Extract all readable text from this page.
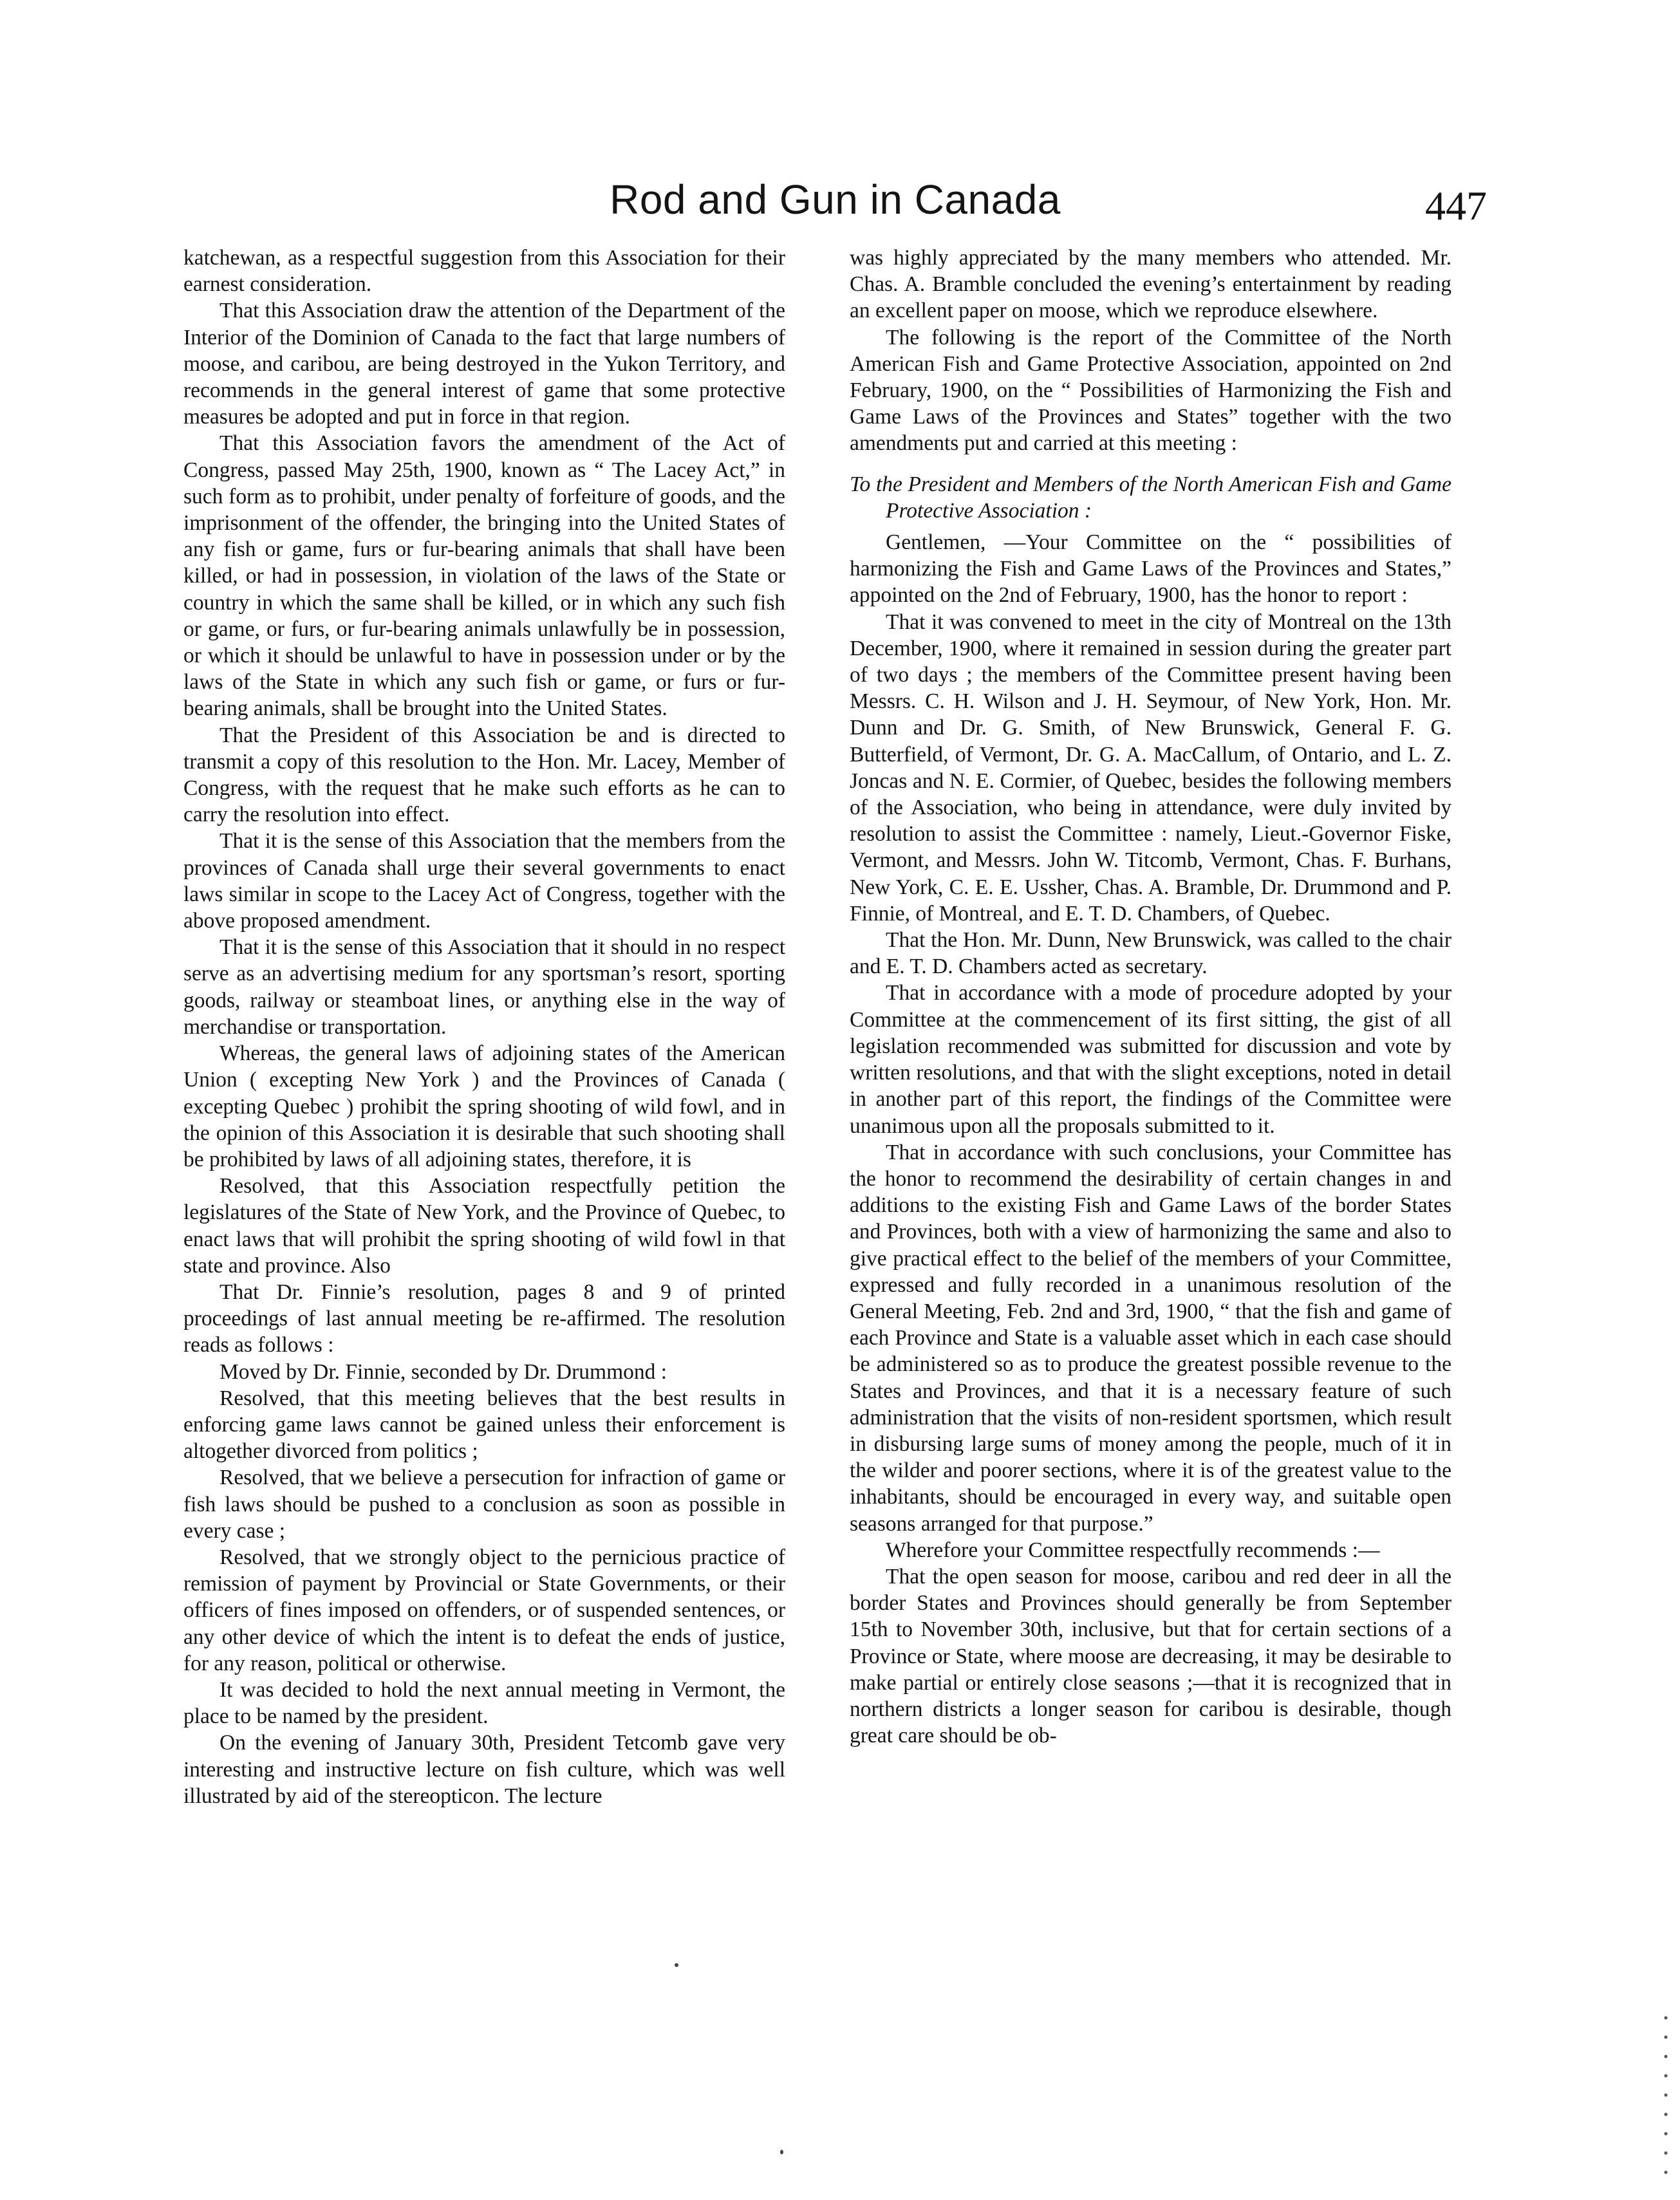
Rod and Gun in Canada	447

katchewan, as a respectful suggestion from this Association for their earnest consideration.

That this Association draw the attention of the Department of the Interior of the Dominion of Canada to the fact that large numbers of moose, and caribou, are being destroyed in the Yukon Territory, and recommends in the general interest of game that some protective measures be adopted and put in force in that region.

That this Association favors the amendment of the Act of Congress, passed May 25th, 1900, known as “ The Lacey Act,” in such form as to prohibit, under penalty of forfeiture of goods, and the imprisonment of the offender, the bringing into the United States of any fish or game, furs or fur-bearing animals that shall have been killed, or had in possession, in violation of the laws of the State or country in which the same shall be killed, or in which any such fish or game, or furs, or fur-bearing animals unlawfully be in possession, or which it should be unlawful to have in possession under or by the laws of the State in which any such fish or game, or furs or fur-bearing animals, shall be brought into the United States.

That the President of this Association be and is directed to transmit a copy of this resolution to the Hon. Mr. Lacey, Member of Congress, with the request that he make such efforts as he can to carry the resolution into effect.

That it is the sense of this Association that the members from the provinces of Canada shall urge their several governments to enact laws similar in scope to the Lacey Act of Congress, together with the above proposed amendment.

That it is the sense of this Association that it should in no respect serve as an advertising medium for any sportsman’s resort, sporting goods, railway or steamboat lines, or anything else in the way of merchandise or transportation.

Whereas, the general laws of adjoining states of the American Union ( excepting New York ) and the Provinces of Canada ( excepting Quebec ) prohibit the spring shooting of wild fowl, and in the opinion of this Association it is desirable that such shooting shall be prohibited by laws of all adjoining states, therefore, it is

Resolved, that this Association respectfully petition the legislatures of the State of New York, and the Province of Quebec, to enact laws that will prohibit the spring shooting of wild fowl in that state and province. Also

That Dr. Finnie’s resolution, pages 8 and 9 of printed proceedings of last annual meeting be re-affirmed. The resolution reads as follows :

Moved by Dr. Finnie, seconded by Dr. Drummond :

Resolved, that this meeting believes that the best results in enforcing game laws cannot be gained unless their enforcement is altogether divorced from politics ;

Resolved, that we believe a persecution for infraction of game or fish laws should be pushed to a conclusion as soon as possible in every case ;

Resolved, that we strongly object to the pernicious practice of remission of payment by Provincial or State Governments, or their officers of fines imposed on offenders, or of suspended sentences, or any other device of which the intent is to defeat the ends of justice, for any reason, political or otherwise.

It was decided to hold the next annual meeting in Vermont, the place to be named by the president.

On the evening of January 30th, President Tetcomb gave very interesting and instructive lecture on fish culture, which was well illustrated by aid of the stereopticon. The lecture

was highly appreciated by the many members who attended. Mr. Chas. A. Bramble concluded the evening’s entertainment by reading an excellent paper on moose, which we reproduce elsewhere.

The following is the report of the Committee of the North American Fish and Game Protective Association, appointed on 2nd February, 1900, on the “ Possibilities of Harmonizing the Fish and Game Laws of the Provinces and States” together with the two amendments put and carried at this meeting :

To the President and Members of the North American Fish and Game Protective Association :

Gentlemen, —Your Committee on the “ possibilities of harmonizing the Fish and Game Laws of the Provinces and States,” appointed on the 2nd of February, 1900, has the honor to report :

That it was convened to meet in the city of Montreal on the 13th December, 1900, where it remained in session during the greater part of two days ; the members of the Committee present having been Messrs. C. H. Wilson and J. H. Seymour, of New York, Hon. Mr. Dunn and Dr. G. Smith, of New Brunswick, General F. G. Butterfield, of Vermont, Dr. G. A. MacCallum, of Ontario, and L. Z. Joncas and N. E. Cormier, of Quebec, besides the following members of the Association, who being in attendance, were duly invited by resolution to assist the Committee : namely, Lieut.-Governor Fiske, Vermont, and Messrs. John W. Titcomb, Vermont, Chas. F. Burhans, New York, C. E. E. Ussher, Chas. A. Bramble, Dr. Drummond and P. Finnie, of Montreal, and E. T. D. Chambers, of Quebec.

That the Hon. Mr. Dunn, New Brunswick, was called to the chair and E. T. D. Chambers acted as secretary.

That in accordance with a mode of procedure adopted by your Committee at the commencement of its first sitting, the gist of all legislation recommended was submitted for discussion and vote by written resolutions, and that with the slight exceptions, noted in detail in another part of this report, the findings of the Committee were unanimous upon all the proposals submitted to it.

That in accordance with such conclusions, your Committee has the honor to recommend the desirability of certain changes in and additions to the existing Fish and Game Laws of the border States and Provinces, both with a view of harmonizing the same and also to give practical effect to the belief of the members of your Committee, expressed and fully recorded in a unanimous resolution of the General Meeting, Feb. 2nd and 3rd, 1900, “ that the fish and game of each Province and State is a valuable asset which in each case should be administered so as to produce the greatest possible revenue to the States and Provinces, and that it is a necessary feature of such administration that the visits of non-resident sportsmen, which result in disbursing large sums of money among the people, much of it in the wilder and poorer sections, where it is of the greatest value to the inhabitants, should be encouraged in every way, and suitable open seasons arranged for that purpose.”

Wherefore your Committee respectfully recommends :—

That the open season for moose, caribou and red deer in all the border States and Provinces should generally be from September 15th to November 30th, inclusive, but that for certain sections of a Province or State, where moose are decreasing, it may be desirable to make partial or entirely close seasons ;—that it is recognized that in northern districts a longer season for caribou is desirable, though great care should be ob-
